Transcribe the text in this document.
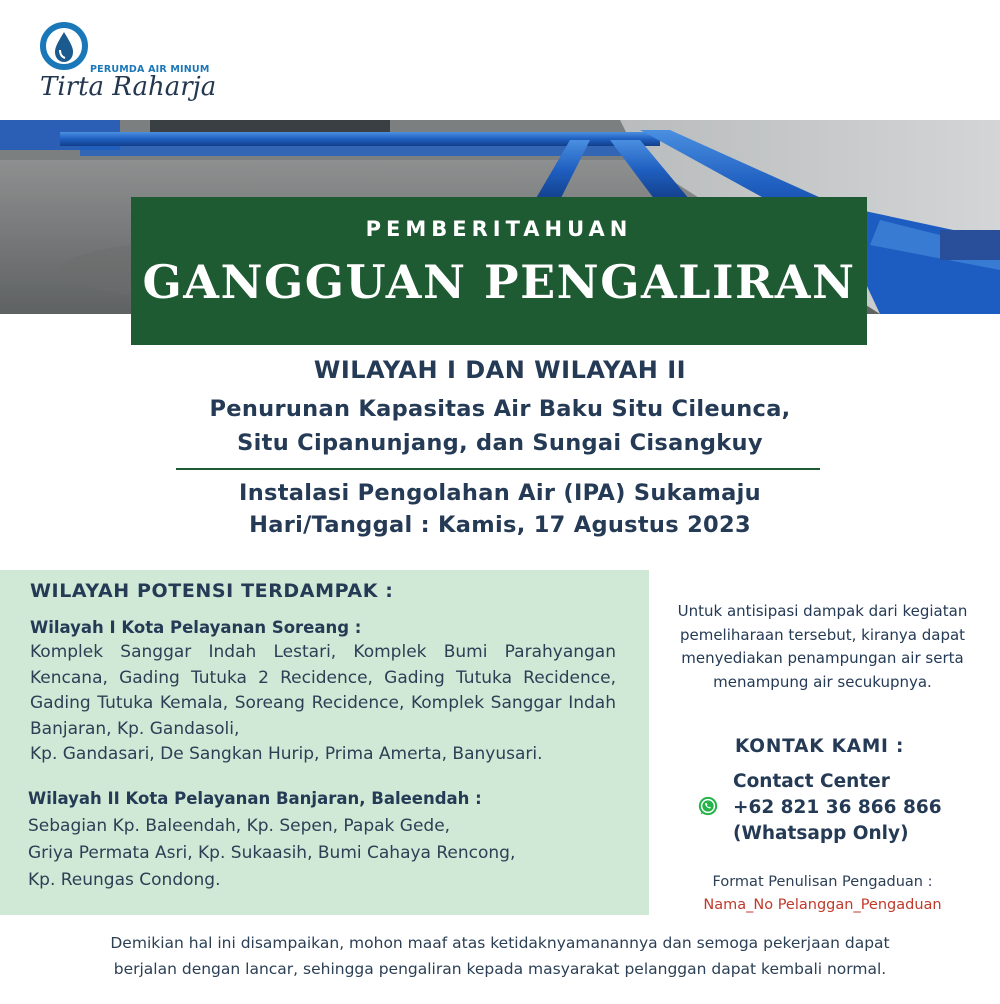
PERUMDA AIR MINUM
Tirta Raharja
PEMBERITAHUAN
GANGGUAN PENGALIRAN
WILAYAH I DAN WILAYAH II
Penurunan Kapasitas Air Baku Situ Cileunca,
Situ Cipanunjang, dan Sungai Cisangkuy
Instalasi Pengolahan Air (IPA) Sukamaju
Hari/Tanggal : Kamis, 17 Agustus 2023
WILAYAH POTENSI TERDAMPAK :
Wilayah I Kota Pelayanan Soreang :
Komplek Sanggar Indah Lestari, Komplek Bumi Parahyangan Kencana, Gading Tutuka 2 Recidence, Gading Tutuka Recidence, Gading Tutuka Kemala, Soreang Recidence, Komplek Sanggar Indah Banjaran, Kp. Gandasoli,
Kp. Gandasari, De Sangkan Hurip, Prima Amerta, Banyusari.
Wilayah II Kota Pelayanan Banjaran, Baleendah :
Sebagian Kp. Baleendah, Kp. Sepen, Papak Gede,
Griya Permata Asri, Kp. Sukaasih, Bumi Cahaya Rencong,
Kp. Reungas Condong.
Untuk antisipasi dampak dari kegiatan
pemeliharaan tersebut, kiranya dapat
menyediakan penampungan air serta
menampung air secukupnya.
KONTAK KAMI :
Contact Center
+62 821 36 866 866
(Whatsapp Only)
Format Penulisan Pengaduan :
Nama_No Pelanggan_Pengaduan
Demikian hal ini disampaikan, mohon maaf atas ketidaknyamanannya dan semoga pekerjaan dapat
berjalan dengan lancar, sehingga pengaliran kepada masyarakat pelanggan dapat kembali normal.
